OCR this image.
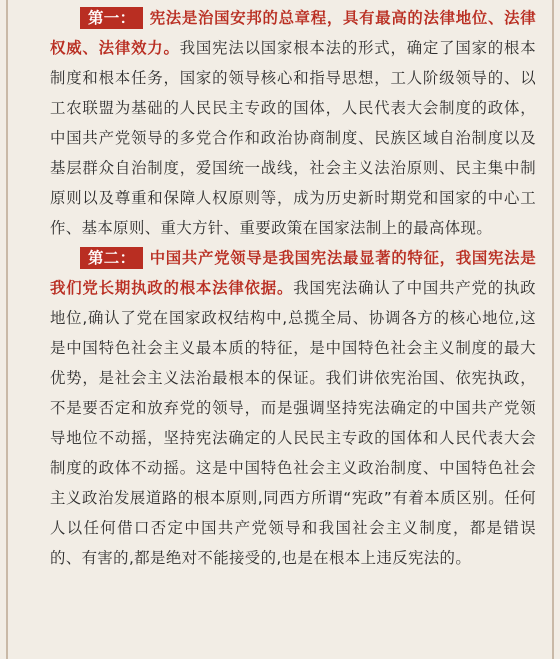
第一： 宪法是治国安邦的总章程，具有最高的法律地位、法律权威、法律效力。我国宪法以国家根本法的形式，确定了国家的根本制度和根本任务，国家的领导核心和指导思想，工人阶级领导的、以工农联盟为基础的人民民主专政的国体，人民代表大会制度的政体，中国共产党领导的多党合作和政治协商制度、民族区域自治制度以及基层群众自治制度，爱国统一战线，社会主义法治原则、民主集中制原则以及尊重和保障人权原则等，成为历史新时期党和国家的中心工作、基本原则、重大方针、重要政策在国家法制上的最高体现。

第二： 中国共产党领导是我国宪法最显著的特征，我国宪法是我们党长期执政的根本法律依据。我国宪法确认了中国共产党的执政地位,确认了党在国家政权结构中,总揽全局、协调各方的核心地位,这是中国特色社会主义最本质的特征，是中国特色社会主义制度的最大优势，是社会主义法治最根本的保证。我们讲依宪治国、依宪执政，不是要否定和放弃党的领导，而是强调坚持宪法确定的中国共产党领导地位不动摇，坚持宪法确定的人民民主专政的国体和人民代表大会制度的政体不动摇。这是中国特色社会主义政治制度、中国特色社会主义政治发展道路的根本原则,同西方所谓“宪政”有着本质区别。任何人以任何借口否定中国共产党领导和我国社会主义制度，都是错误的、有害的,都是绝对不能接受的,也是在根本上违反宪法的。
